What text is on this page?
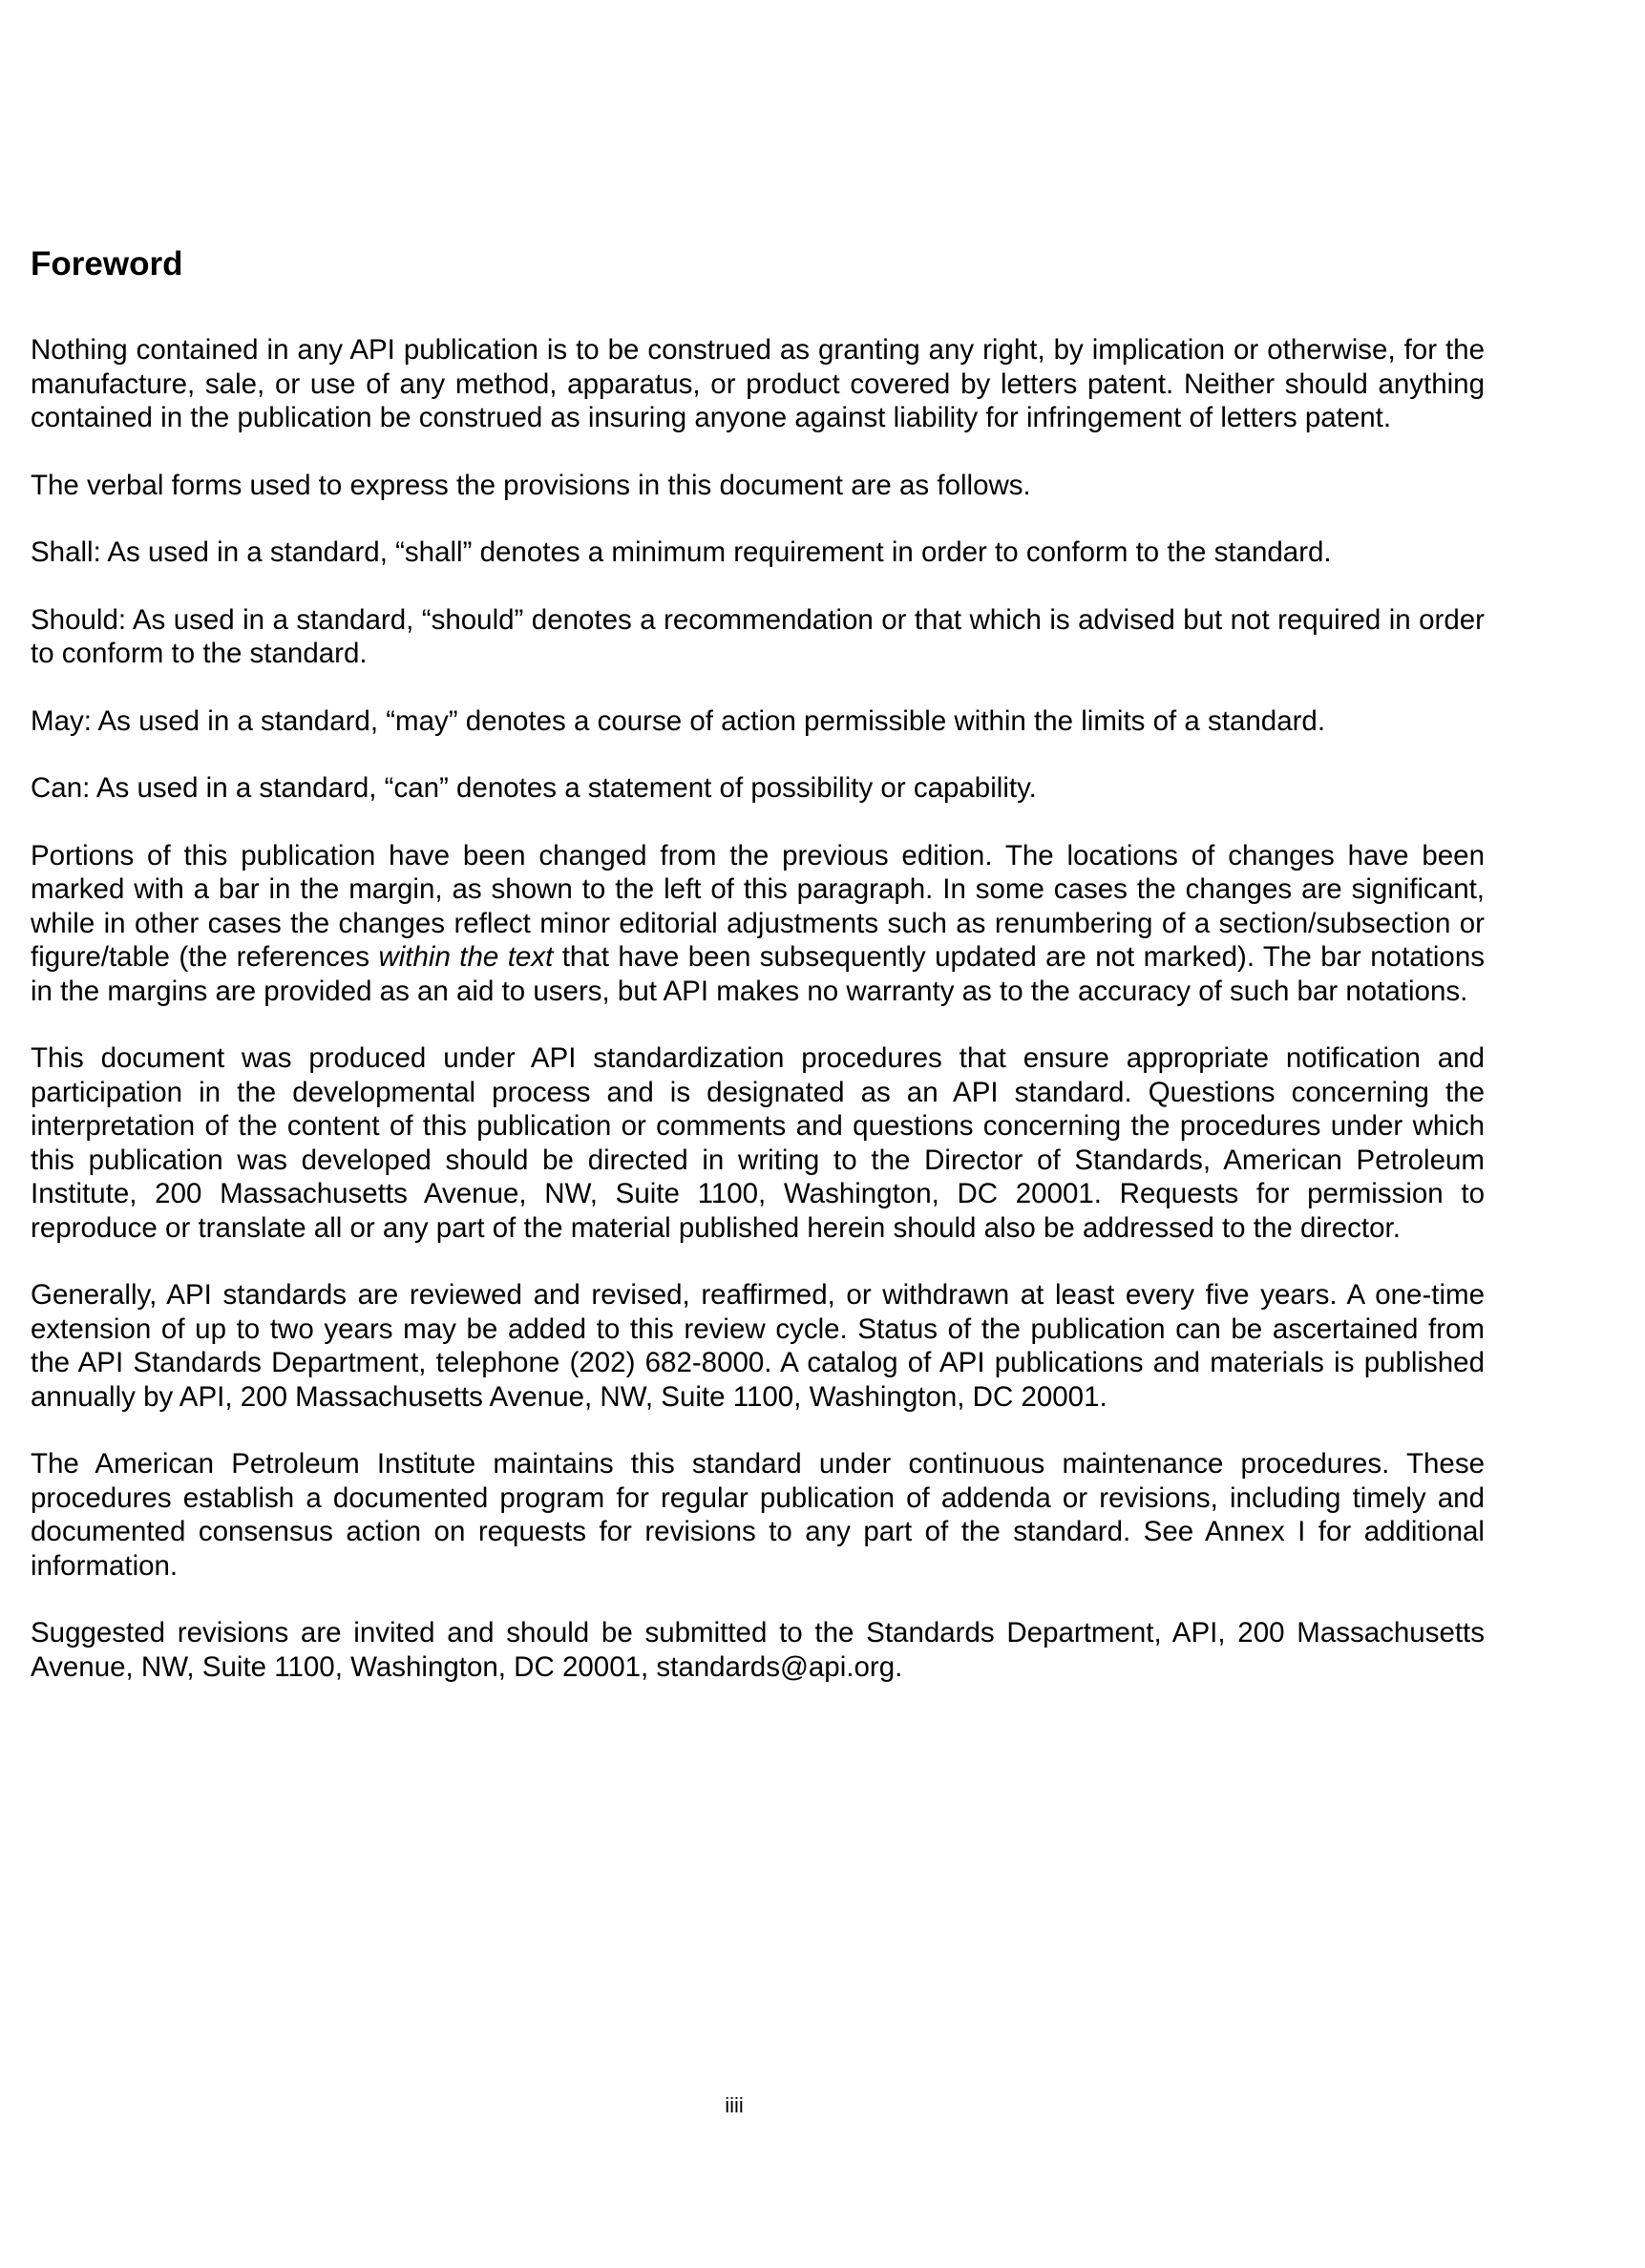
Foreword

Nothing contained in any API publication is to be construed as granting any right, by implication or otherwise, for the manufacture, sale, or use of any method, apparatus, or product covered by letters patent. Neither should anything contained in the publication be construed as insuring anyone against liability for infringement of letters patent.

The verbal forms used to express the provisions in this document are as follows.

Shall: As used in a standard, “shall” denotes a minimum requirement in order to conform to the standard.

Should: As used in a standard, “should” denotes a recommendation or that which is advised but not required in order to conform to the standard.

May: As used in a standard, “may” denotes a course of action permissible within the limits of a standard.

Can: As used in a standard, “can” denotes a statement of possibility or capability.

Portions of this publication have been changed from the previous edition. The locations of changes have been marked with a bar in the margin, as shown to the left of this paragraph. In some cases the changes are significant, while in other cases the changes reflect minor editorial adjustments such as renumbering of a section/subsection or figure/table (the references within the text that have been subsequently updated are not marked). The bar notations in the margins are provided as an aid to users, but API makes no warranty as to the accuracy of such bar notations.

This document was produced under API standardization procedures that ensure appropriate notification and participation in the developmental process and is designated as an API standard. Questions concerning the interpretation of the content of this publication or comments and questions concerning the procedures under which this publication was developed should be directed in writing to the Director of Standards, American Petroleum Institute, 200 Massachusetts Avenue, NW, Suite 1100, Washington, DC 20001. Requests for permission to reproduce or translate all or any part of the material published herein should also be addressed to the director.

Generally, API standards are reviewed and revised, reaffirmed, or withdrawn at least every five years. A one-time extension of up to two years may be added to this review cycle. Status of the publication can be ascertained from the API Standards Department, telephone (202) 682-8000. A catalog of API publications and materials is published annually by API, 200 Massachusetts Avenue, NW, Suite 1100, Washington, DC 20001.

The American Petroleum Institute maintains this standard under continuous maintenance procedures. These procedures establish a documented program for regular publication of addenda or revisions, including timely and documented consensus action on requests for revisions to any part of the standard. See Annex I for additional information.

Suggested revisions are invited and should be submitted to the Standards Department, API, 200 Massachusetts Avenue, NW, Suite 1100, Washington, DC 20001, standards@api.org.

iiii
